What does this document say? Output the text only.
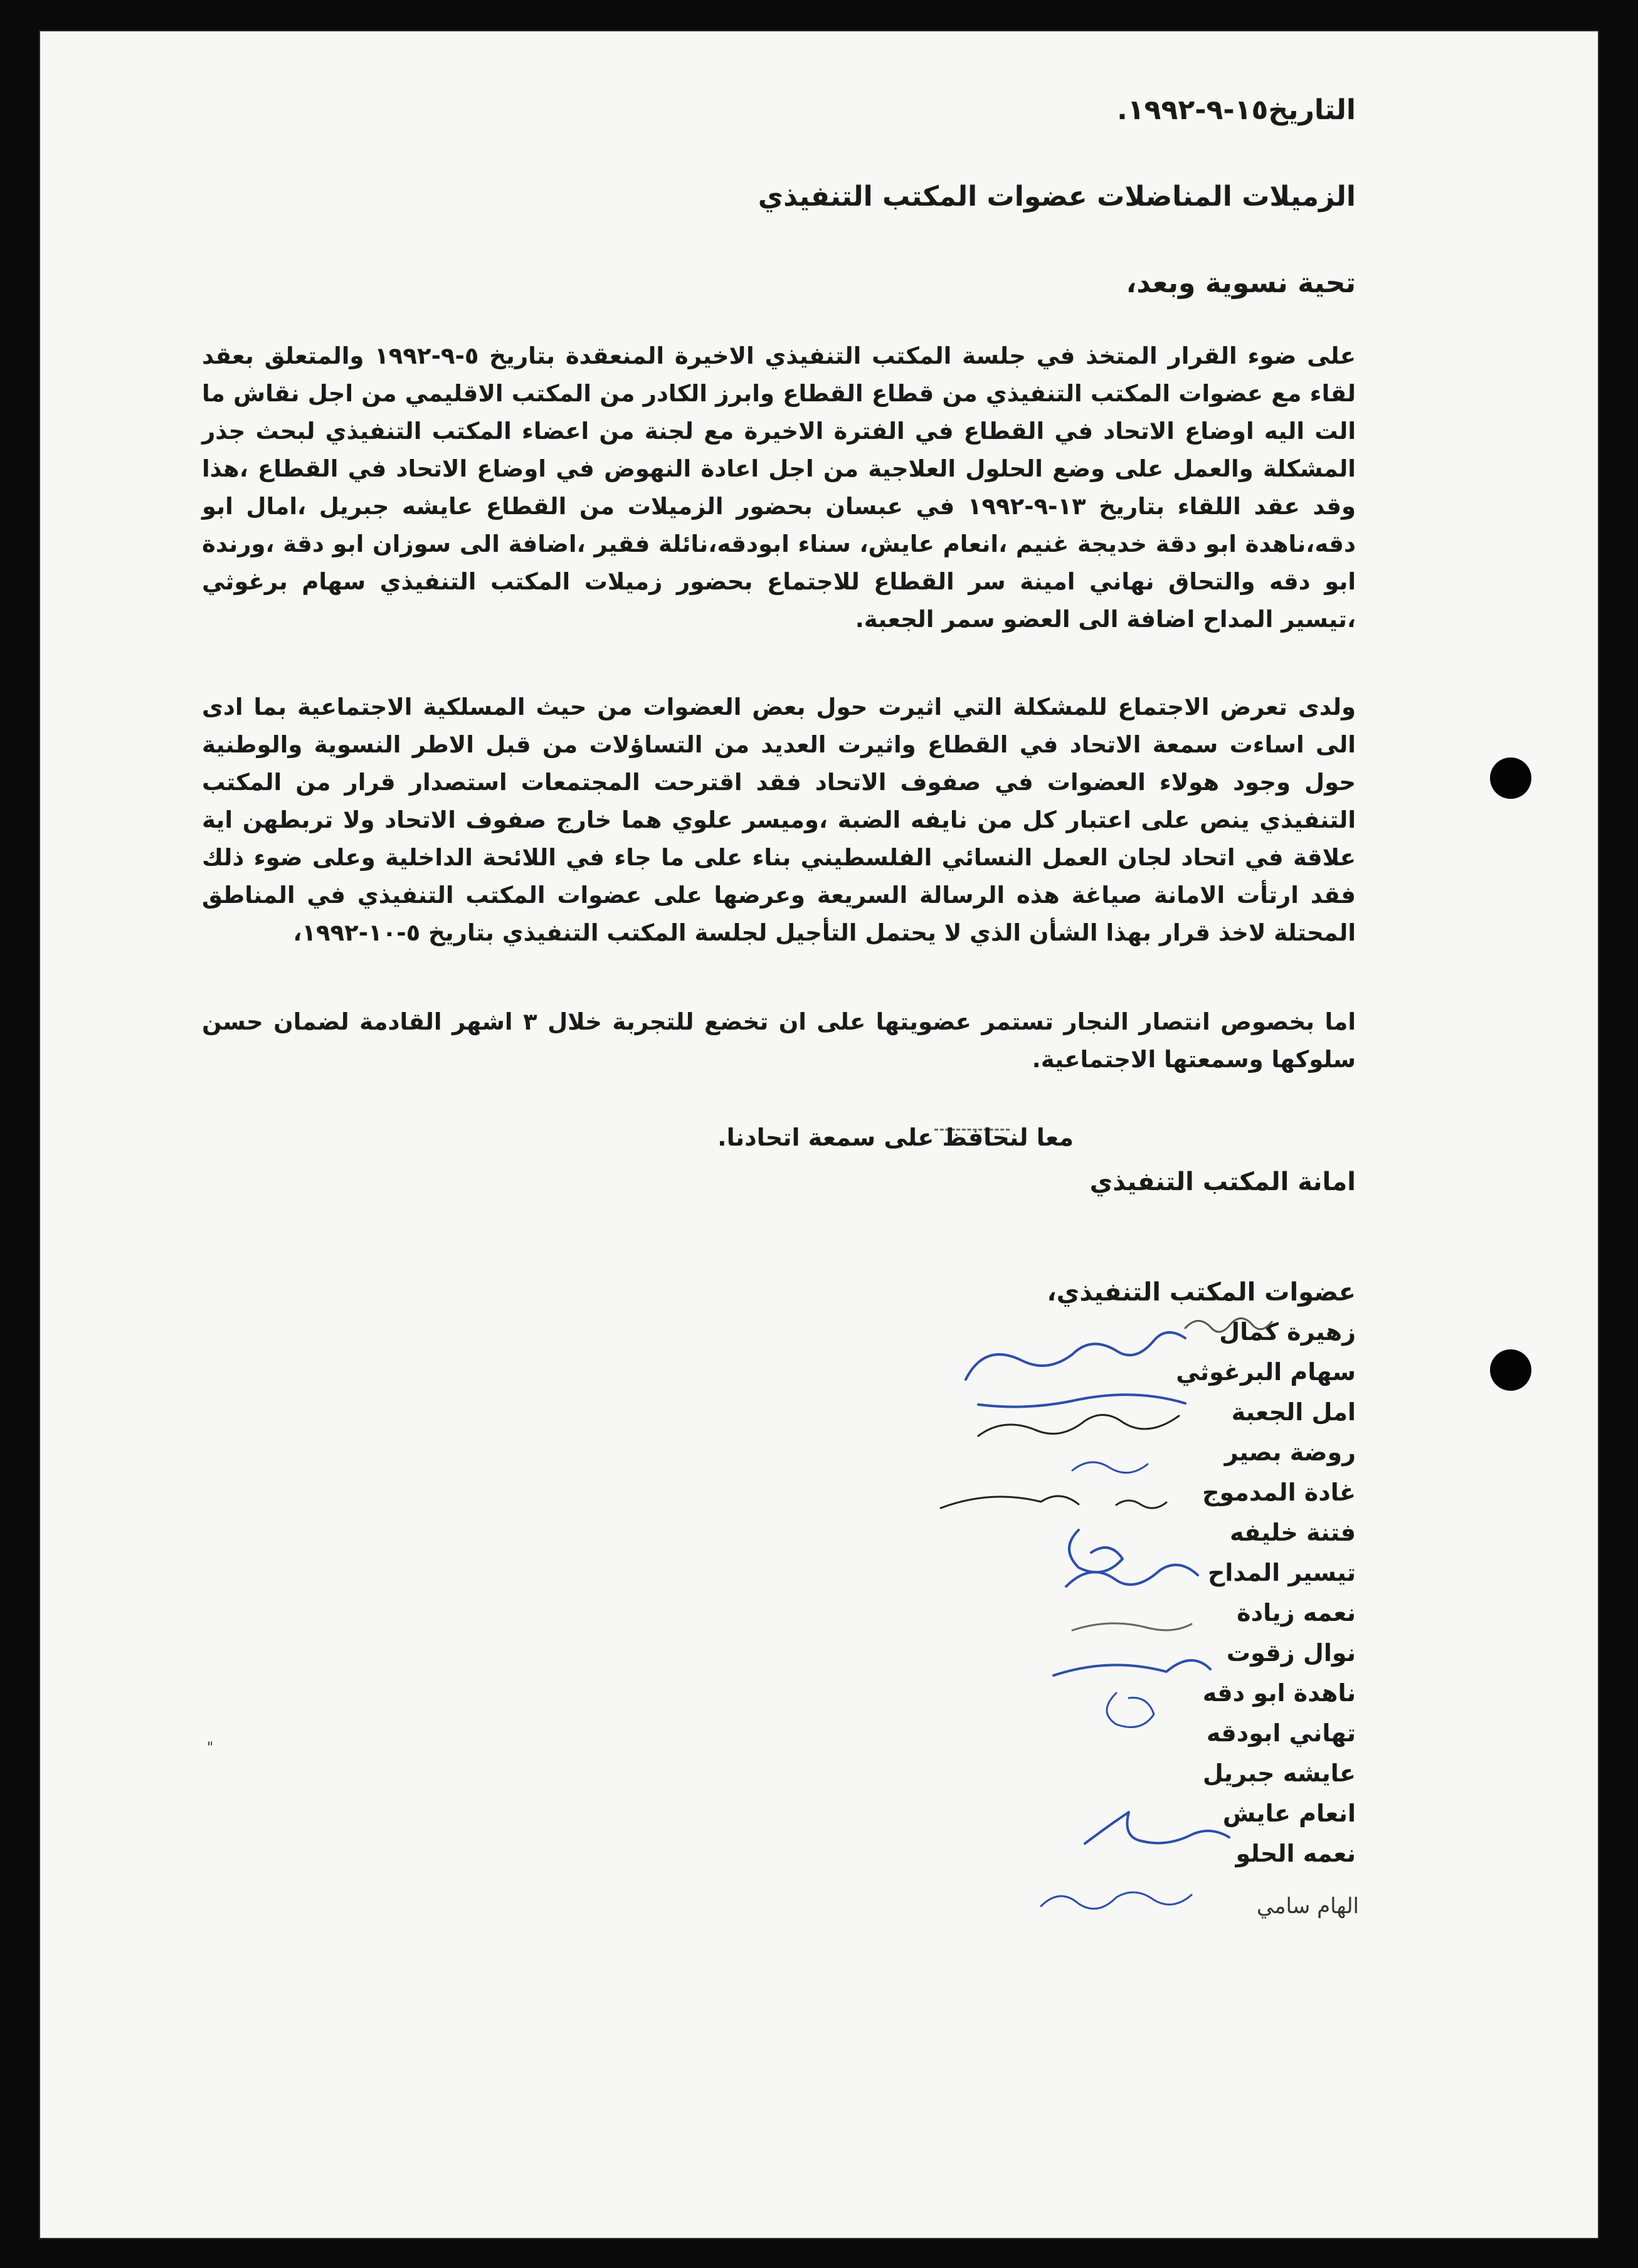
التاريخ١٥-٩-١٩٩٢.
الزميلات المناضلات عضوات المكتب التنفيذي
تحية نسوية وبعد،
على ضوء القرار المتخذ في جلسة المكتب التنفيذي الاخيرة المنعقدة بتاريخ ٥-٩-١٩٩٢ والمتعلق بعقد لقاء مع عضوات المكتب التنفيذي من قطاع القطاع وابرز الكادر من المكتب الاقليمي من اجل نقاش ما الت اليه اوضاع الاتحاد في القطاع في الفترة الاخيرة مع لجنة من اعضاء المكتب التنفيذي لبحث جذر المشكلة والعمل على وضع الحلول العلاجية من اجل اعادة النهوض في اوضاع الاتحاد في القطاع ،هذا وقد عقد اللقاء بتاريخ ١٣-٩-١٩٩٢ في عبسان بحضور الزميلات من القطاع عايشه جبريل ،امال ابو دقه،ناهدة ابو دقة خديجة غنيم ،انعام عايش، سناء ابودقه،نائلة فقير ،اضافة الى سوزان ابو دقة ،ورندة ابو دقه والتحاق نهاني امينة سر القطاع للاجتماع بحضور زميلات المكتب التنفيذي سهام برغوثي ،تيسير المداح اضافة الى العضو سمر الجعبة.
ولدى تعرض الاجتماع للمشكلة التي اثيرت حول بعض العضوات من حيث المسلكية الاجتماعية بما ادى الى اساءت سمعة الاتحاد في القطاع واثيرت العديد من التساؤلات من قبل الاطر النسوية والوطنية حول وجود هولاء العضوات في صفوف الاتحاد فقد اقترحت المجتمعات استصدار قرار من المكتب التنفيذي ينص على اعتبار كل من نايفه الضبة ،وميسر علوي هما خارج صفوف الاتحاد ولا تربطهن اية علاقة في اتحاد لجان العمل النسائي الفلسطيني بناء على ما جاء في اللائحة الداخلية وعلى ضوء ذلك فقد ارتأت الامانة صياغة هذه الرسالة السريعة وعرضها على عضوات المكتب التنفيذي في المناطق المحتلة لاخذ قرار بهذا الشأن الذي لا يحتمل التأجيل لجلسة المكتب التنفيذي بتاريخ ٥-١٠-١٩٩٢،
اما بخصوص انتصار النجار تستمر عضويتها على ان تخضع للتجربة خلال ٣ اشهر القادمة لضمان حسن سلوكها وسمعتها الاجتماعية.
معا لنحافظ على سمعة اتحادنا.
امانة المكتب التنفيذي
عضوات المكتب التنفيذي،
زهيرة كمال
سهام البرغوثي
امل الجعبة
روضة بصير
غادة المدموج
فتنة خليفه
تيسير المداح
نعمه زيادة
نوال زقوت
ناهدة ابو دقه
تهاني ابودقه
عايشه جبريل
انعام عايش
نعمه الحلو
الهام سامي
"
